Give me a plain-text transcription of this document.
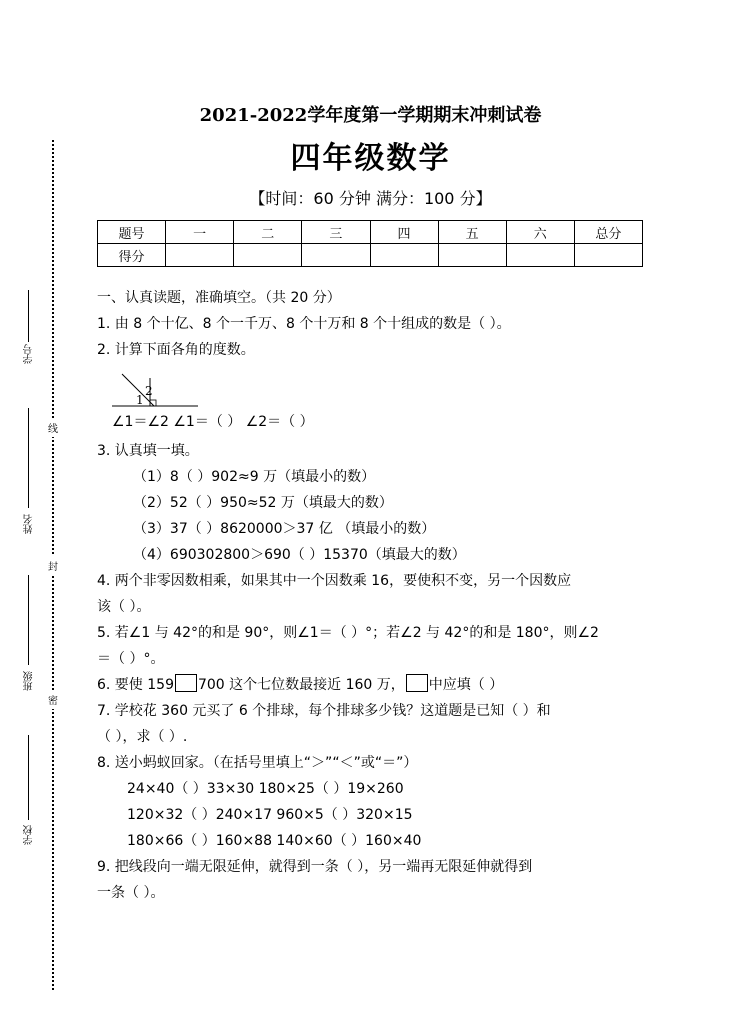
线
封
密
学号
姓名
班级
学校
2021-2022学年度第一学期期末冲刺试卷
四年级数学
【时间：60 分钟 满分：100 分】
题号	一	二	三	四	五	六	总分
得分							
一、认真读题，准确填空。（共 20 分）
1. 由 8 个十亿、8 个一千万、8 个十万和 8 个十组成的数是（ ）。
2. 计算下面各角的度数。
1
2
∠1＝∠2 ∠1＝（ ） ∠2＝（ ）
3. 认真填一填。
（1）8（ ）902≈9 万（填最小的数）
（2）52（ ）950≈52 万（填最大的数）
（3）37（ ）8620000＞37 亿 （填最小的数）
（4）690302800＞690（ ）15370（填最大的数）
4. 两个非零因数相乘，如果其中一个因数乘 16，要使积不变，另一个因数应
该（ ）。
5. 若∠1 与 42°的和是 90°，则∠1＝（ ）°；若∠2 与 42°的和是 180°，则∠2
＝（ ）°。
6. 要使 159 700 这个七位数最接近 160 万， 中应填（ ）
7. 学校花 360 元买了 6 个排球，每个排球多少钱？这道题是已知（ ）和
（ ），求（ ）.
8. 送小蚂蚁回家。（在括号里填上“＞”“＜”或“＝”）
24×40（ ）33×30 180×25（ ）19×260
120×32（ ）240×17 960×5（ ）320×15
180×66（ ）160×88 140×60（ ）160×40
9. 把线段向一端无限延伸，就得到一条（ ），另一端再无限延伸就得到
一条（ ）。
